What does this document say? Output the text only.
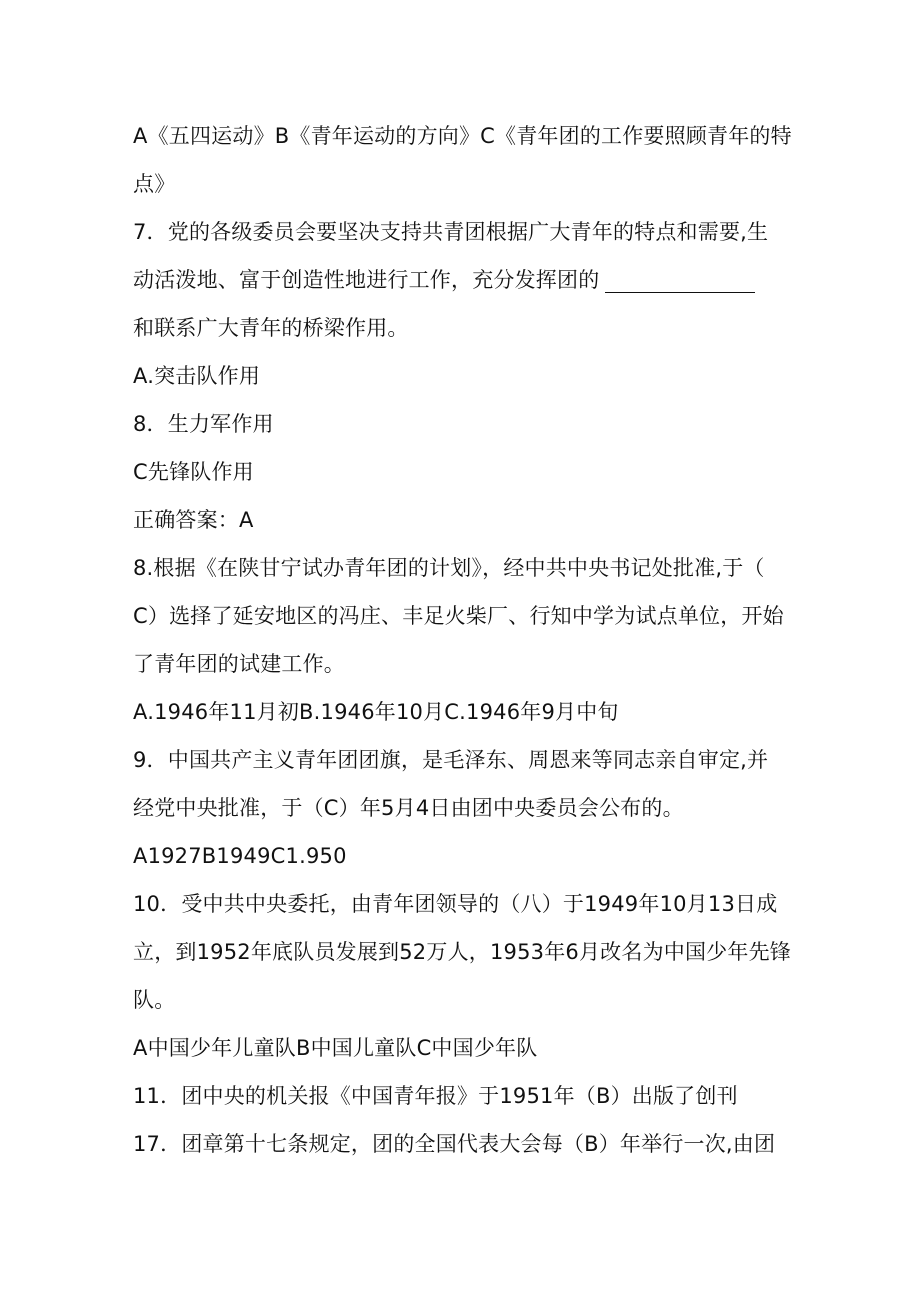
A《五四运动》B《青年运动的方向》C《青年团的工作要照顾青年的特
点》
7．党的各级委员会要坚决支持共青团根据广大青年的特点和需要,生
动活泼地、富于创造性地进行工作，充分发挥团的
和联系广大青年的桥梁作用。
A.突击队作用
8．生力军作用
C先锋队作用
正确答案：A
8.根据《在陕甘宁试办青年团的计划》，经中共中央书记处批准,于（
C）选择了延安地区的冯庄、丰足火柴厂、行知中学为试点单位，开始
了青年团的试建工作。
A.1946年11月初B.1946年10月C.1946年9月中旬
9．中国共产主义青年团团旗，是毛泽东、周恩来等同志亲自审定,并
经党中央批准，于（C）年5月4日由团中央委员会公布的。
A1927B1949C1.950
10．受中共中央委托，由青年团领导的（八）于1949年10月13日成
立，到1952年底队员发展到52万人，1953年6月改名为中国少年先锋
队。
A中国少年儿童队B中国儿童队C中国少年队
11．团中央的机关报《中国青年报》于1951年（B）出版了创刊
17．团章第十七条规定，团的全国代表大会每（B）年举行一次,由团
